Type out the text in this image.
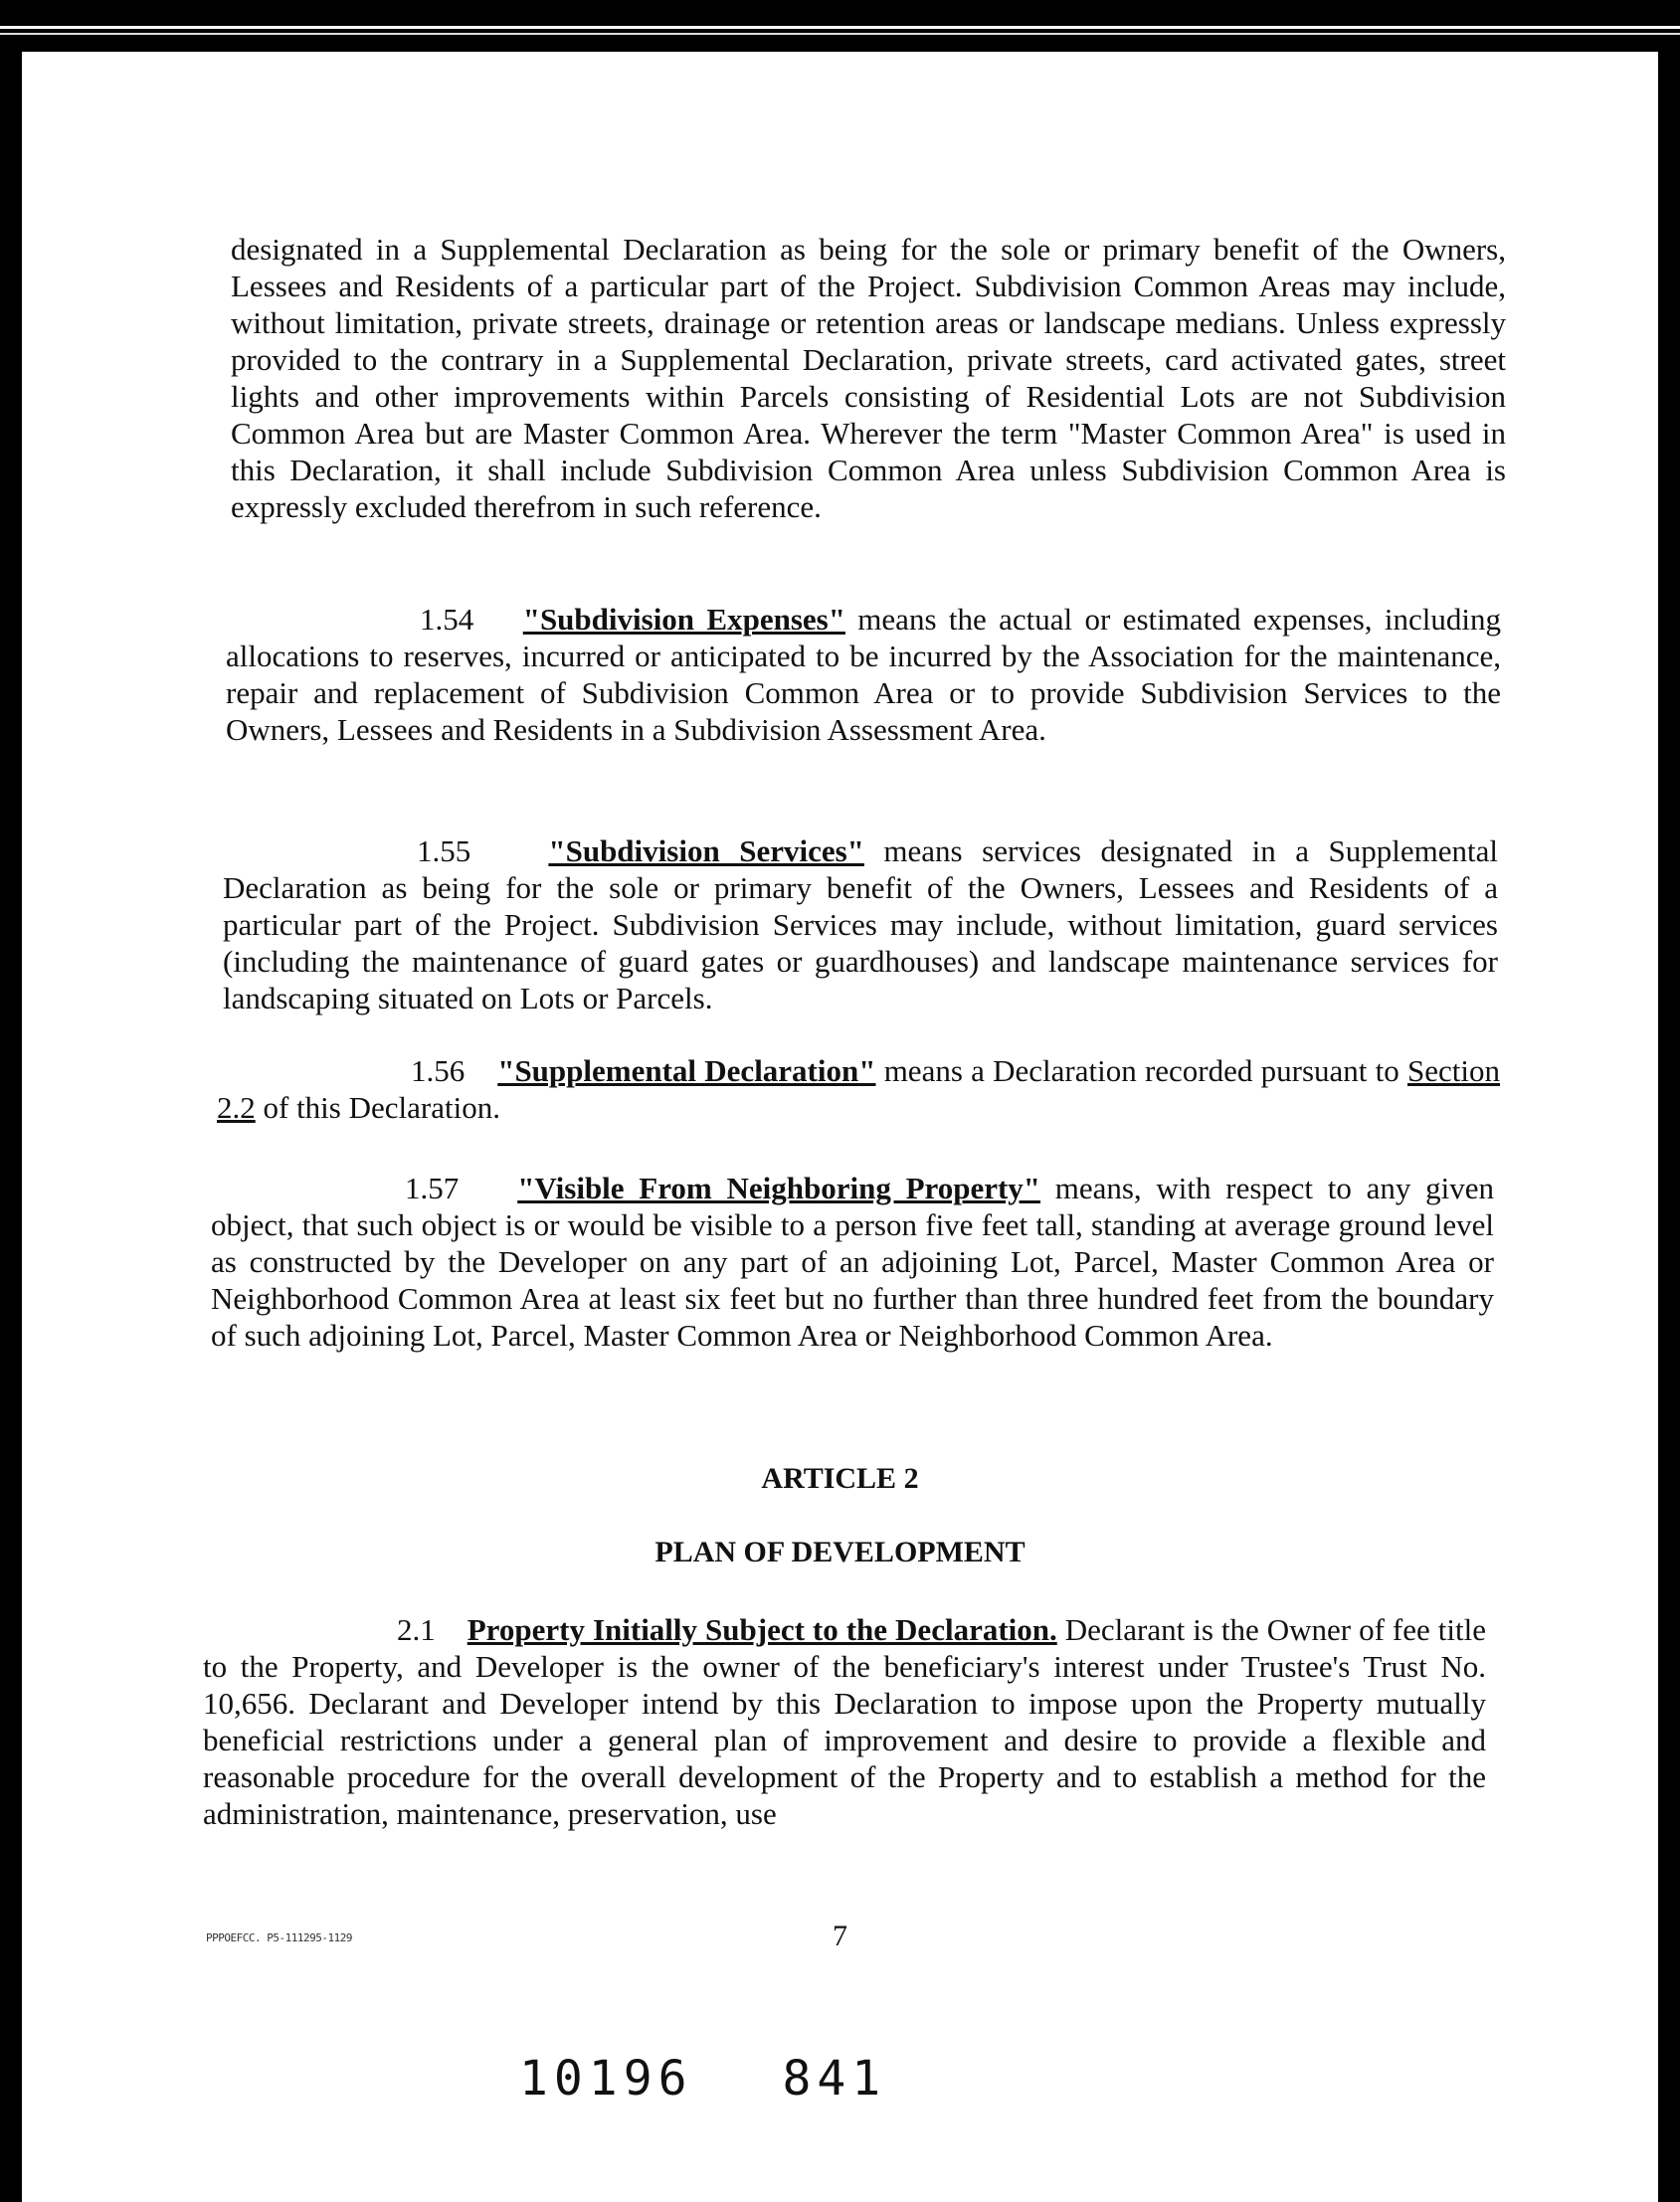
designated in a Supplemental Declaration as being for the sole or primary benefit of the Owners, Lessees and Residents of a particular part of the Project. Subdivision Common Areas may include, without limitation, private streets, drainage or retention areas or landscape medians. Unless expressly provided to the contrary in a Supplemental Declaration, private streets, card activated gates, street lights and other improvements within Parcels consisting of Residential Lots are not Subdivision Common Area but are Master Common Area. Wherever the term "Master Common Area" is used in this Declaration, it shall include Subdivision Common Area unless Subdivision Common Area is expressly excluded therefrom in such reference.

1.54 "Subdivision Expenses" means the actual or estimated expenses, including allocations to reserves, incurred or anticipated to be incurred by the Association for the maintenance, repair and replacement of Subdivision Common Area or to provide Subdivision Services to the Owners, Lessees and Residents in a Subdivision Assessment Area.

1.55	"Subdivision Services" means services designated in a Supplemental Declaration as being for the sole or primary benefit of the Owners, Lessees and Residents of a particular part of the Project. Subdivision Services may include, without limitation, guard services (including the maintenance of guard gates or guardhouses) and landscape maintenance services for landscaping situated on Lots or Parcels.

1.56 "Supplemental Declaration" means a Declaration recorded pursuant to Section 2.2 of this Declaration.

1.57 "Visible From Neighboring Property" means, with respect to any given object, that such object is or would be visible to a person five feet tall, standing at average ground level as constructed by the Developer on any part of an adjoining Lot, Parcel, Master Common Area or Neighborhood Common Area at least six feet but no further than three hundred feet from the boundary of such adjoining Lot, Parcel, Master Common Area or Neighborhood Common Area.

ARTICLE 2
PLAN OF DEVELOPMENT

2.1 Property Initially Subject to the Declaration. Declarant is the Owner of fee title to the Property, and Developer is the owner of the beneficiary's interest under Trustee's Trust No. 10,656. Declarant and Developer intend by this Declaration to impose upon the Property mutually beneficial restrictions under a general plan of improvement and desire to provide a flexible and reasonable procedure for the overall development of the Property and to establish a method for the administration, maintenance, preservation, use

PPPOEFCC. P5-111295-1129	7
10196 841
